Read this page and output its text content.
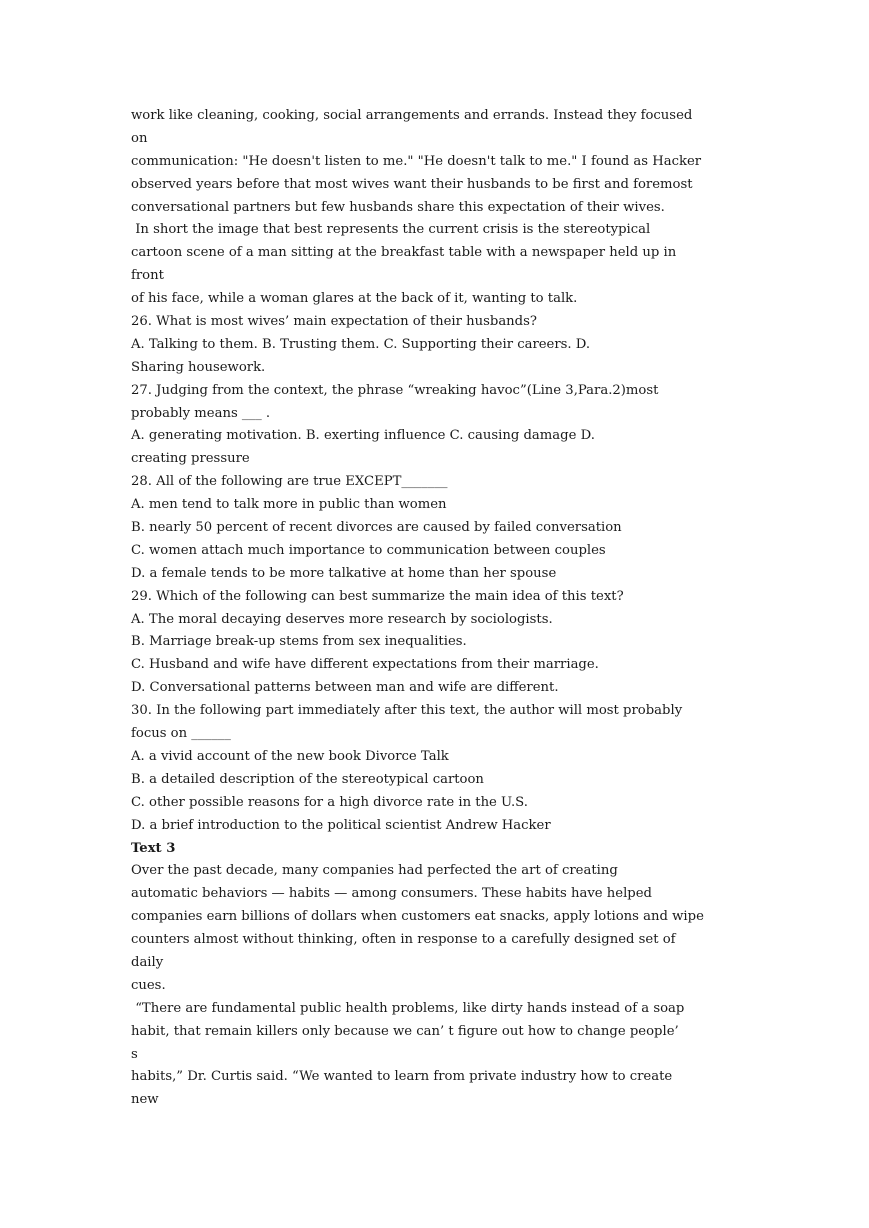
work like cleaning, cooking, social arrangements and errands. Instead they focused
on
communication: "He doesn't listen to me." "He doesn't talk to me." I found as Hacker
observed years before that most wives want their husbands to be first and foremost
conversational partners but few husbands share this expectation of their wives.
In short the image that best represents the current crisis is the stereotypical
cartoon scene of a man sitting at the breakfast table with a newspaper held up in
front
of his face, while a woman glares at the back of it, wanting to talk.
26. What is most wives’ main expectation of their husbands?
A. Talking to them. B. Trusting them. C. Supporting their careers. D.
Sharing housework.
27. Judging from the context, the phrase “wreaking havoc”(Line 3,Para.2)most
probably means ___ .
A. generating motivation. B. exerting influence C. causing damage D.
creating pressure
28. All of the following are true EXCEPT_______
A. men tend to talk more in public than women
B. nearly 50 percent of recent divorces are caused by failed conversation
C. women attach much importance to communication between couples
D. a female tends to be more talkative at home than her spouse
29. Which of the following can best summarize the main idea of this text?
A. The moral decaying deserves more research by sociologists.
B. Marriage break-up stems from sex inequalities.
C. Husband and wife have different expectations from their marriage.
D. Conversational patterns between man and wife are different.
30. In the following part immediately after this text, the author will most probably
focus on ______
A. a vivid account of the new book Divorce Talk
B. a detailed description of the stereotypical cartoon
C. other possible reasons for a high divorce rate in the U.S.
D. a brief introduction to the political scientist Andrew Hacker
Text 3
Over the past decade, many companies had perfected the art of creating
automatic behaviors — habits — among consumers. These habits have helped
companies earn billions of dollars when customers eat snacks, apply lotions and wipe
counters almost without thinking, often in response to a carefully designed set of
daily
cues.
“There are fundamental public health problems, like dirty hands instead of a soap
habit, that remain killers only because we can’ t figure out how to change people’
s
habits,” Dr. Curtis said. “We wanted to learn from private industry how to create
new
